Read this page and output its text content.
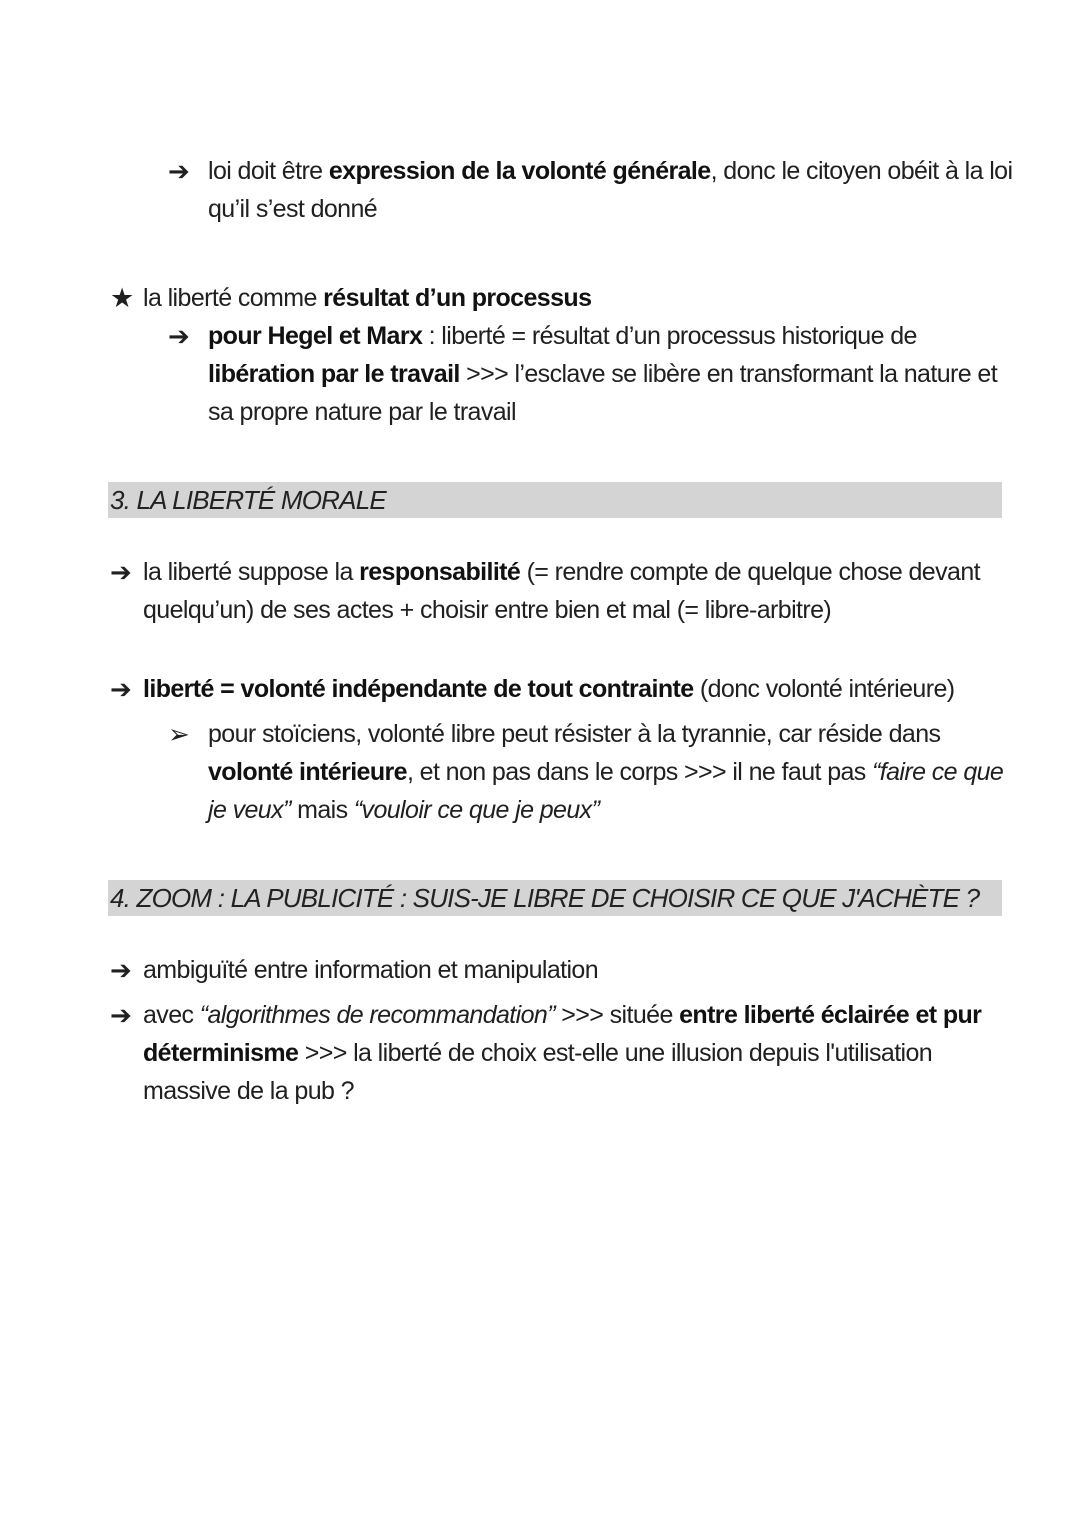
➔ loi doit être expression de la volonté générale, donc le citoyen obéit à la loi qu’il s’est donné
★ la liberté comme résultat d’un processus
➔ pour Hegel et Marx : liberté = résultat d’un processus historique de libération par le travail >>> l’esclave se libère en transformant la nature et sa propre nature par le travail
3. LA LIBERTÉ MORALE
➔ la liberté suppose la responsabilité (= rendre compte de quelque chose devant quelqu’un) de ses actes + choisir entre bien et mal (= libre-arbitre)
➔ liberté = volonté indépendante de tout contrainte (donc volonté intérieure)
➢ pour stoïciens, volonté libre peut résister à la tyrannie, car réside dans volonté intérieure, et non pas dans le corps >>> il ne faut pas “faire ce que je veux” mais “vouloir ce que je peux”
4. ZOOM : LA PUBLICITÉ : SUIS-JE LIBRE DE CHOISIR CE QUE J'ACHÈTE ?
➔ ambiguïté entre information et manipulation
➔ avec “algorithmes de recommandation” >>> située entre liberté éclairée et pur déterminisme >>> la liberté de choix est-elle une illusion depuis l'utilisation massive de la pub ?
